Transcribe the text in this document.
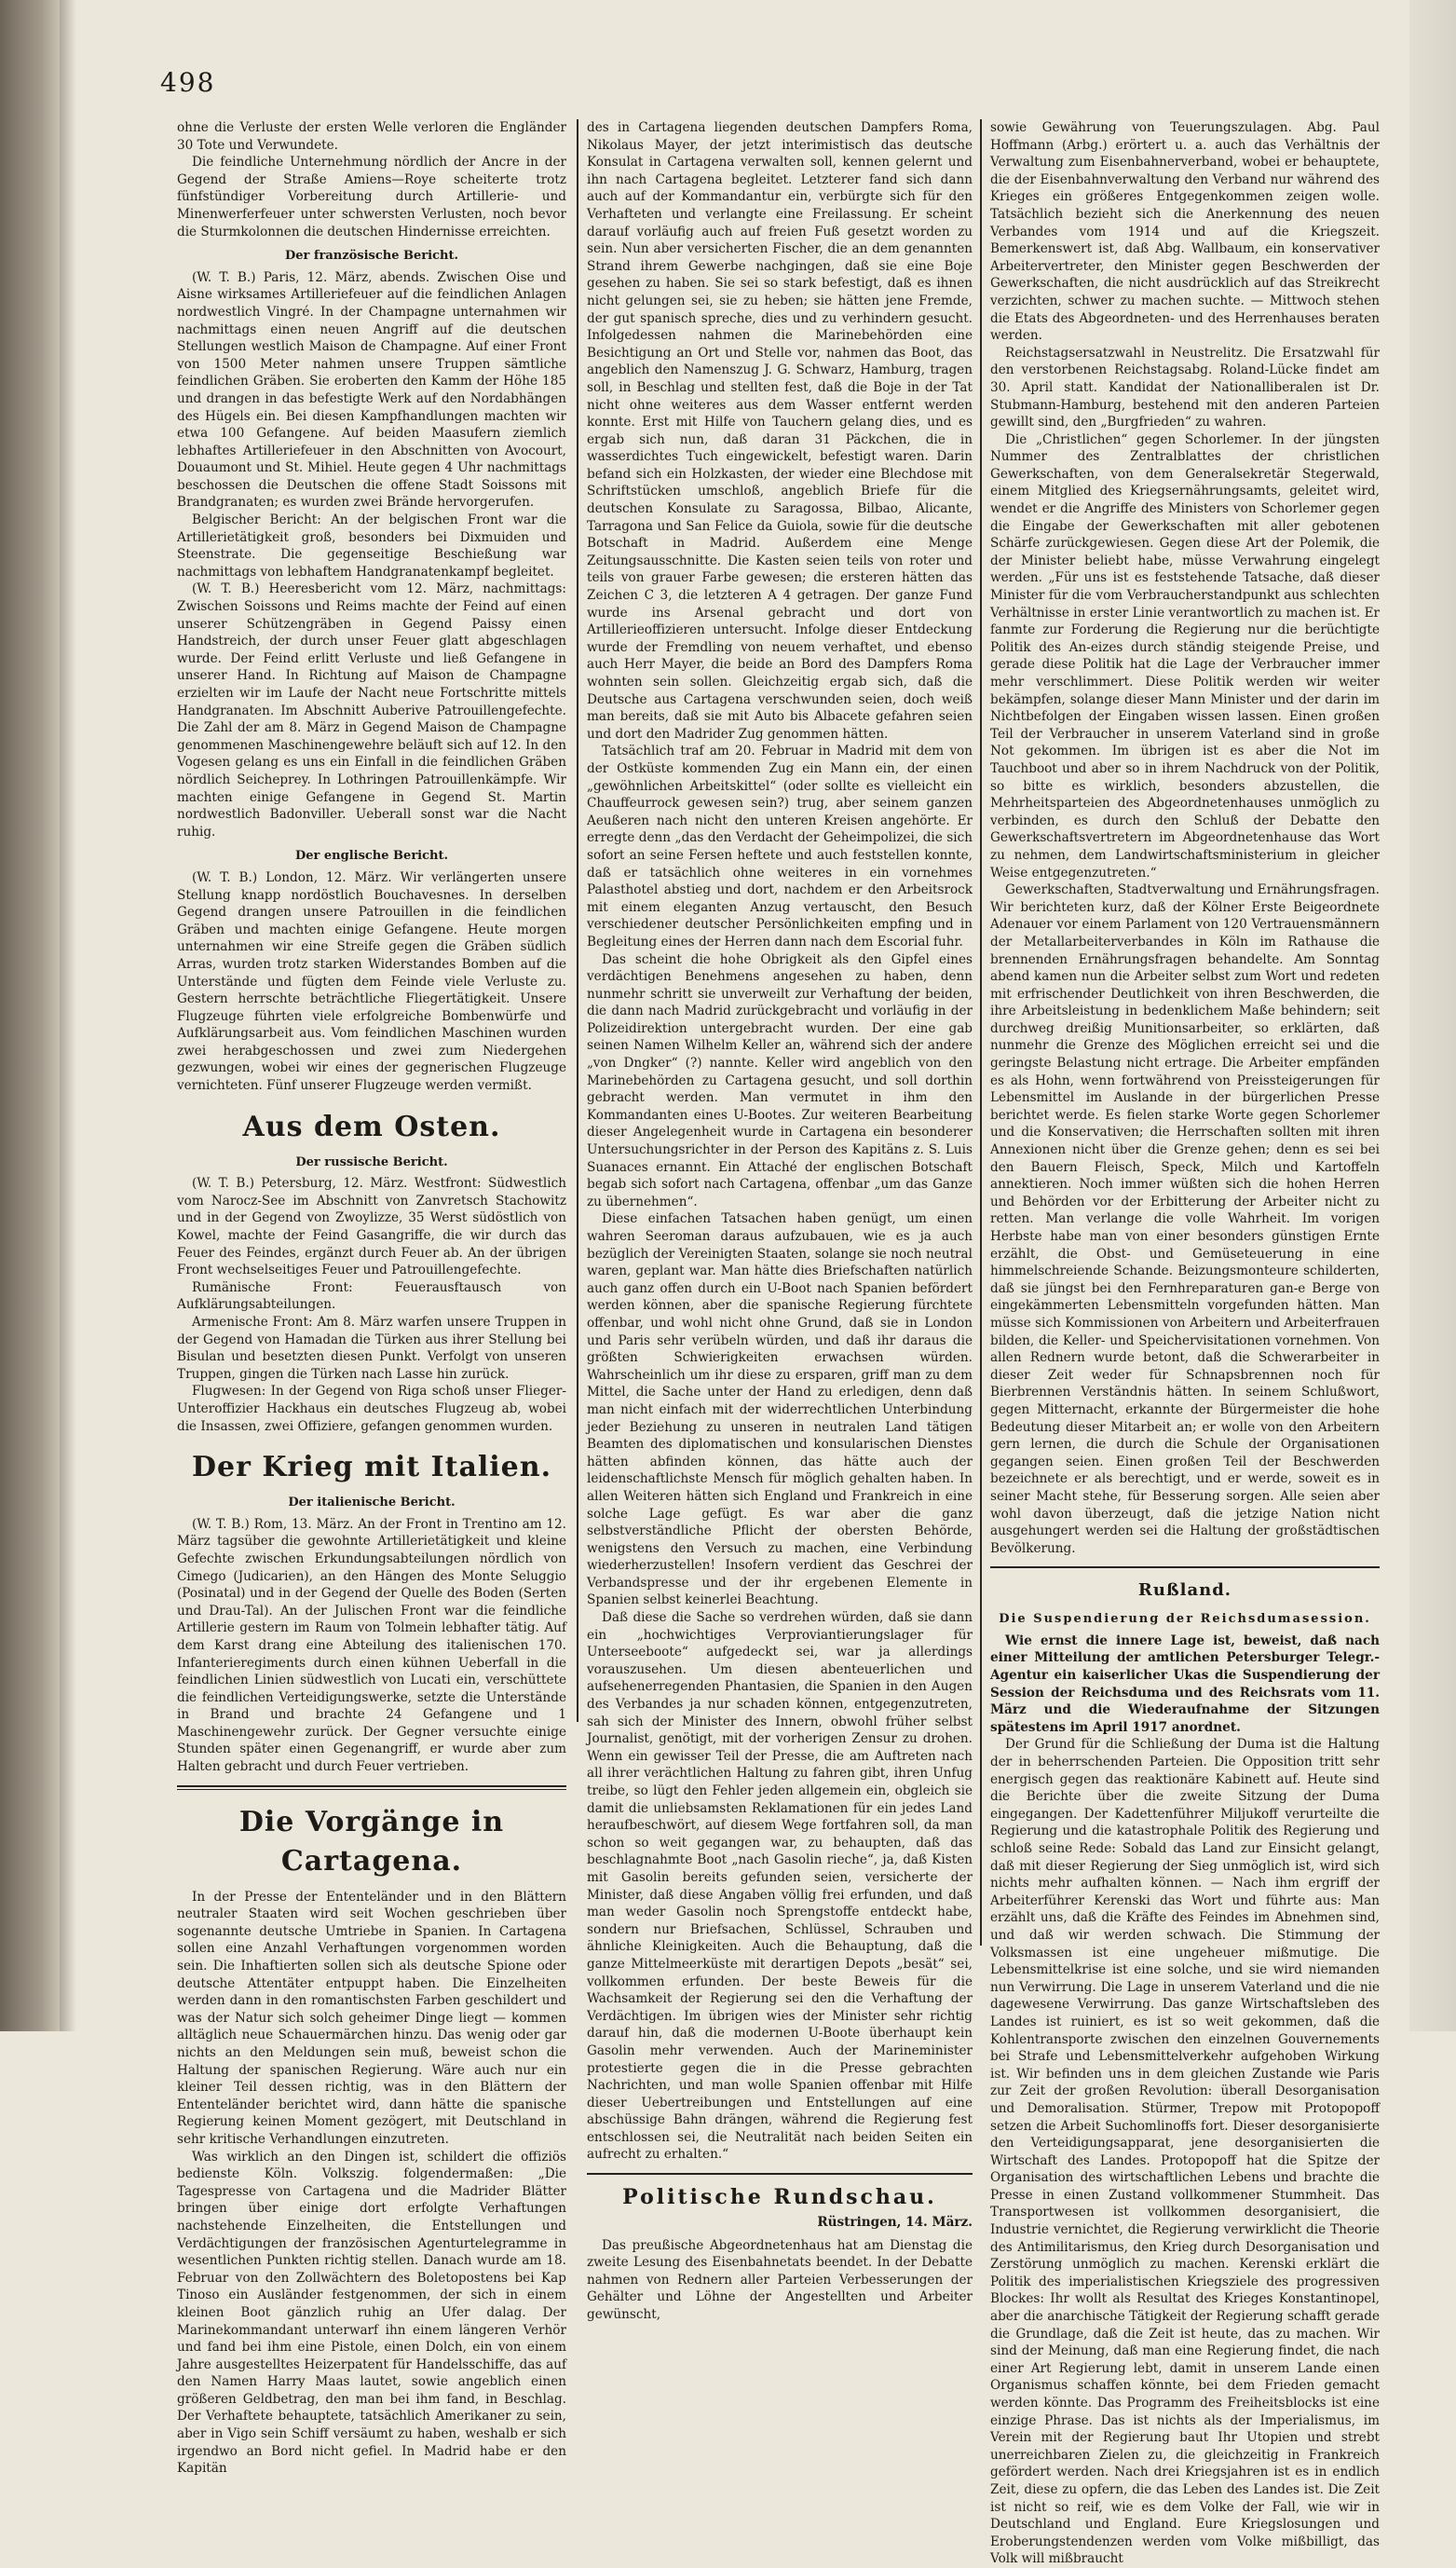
498

ohne die Verluste der ersten Welle verloren die Engländer 30 Tote und Verwundete.

Die feindliche Unternehmung nördlich der Ancre in der Gegend der Straße Amiens—Roye scheiterte trotz fünfstündiger Vorbereitung durch Artillerie- und Minenwerferfeuer unter schwersten Verlusten, noch bevor die Sturmkolonnen die deutschen Hindernisse erreichten.

Der französische Bericht.

(W. T. B.) Paris, 12. März, abends. Zwischen Oise und Aisne wirksames Artilleriefeuer auf die feindlichen Anlagen nordwestlich Vingré. In der Champagne unternahmen wir nachmittags einen neuen Angriff auf die deutschen Stellungen westlich Maison de Champagne. Auf einer Front von 1500 Meter nahmen unsere Truppen sämtliche feindlichen Gräben. Sie eroberten den Kamm der Höhe 185 und drangen in das befestigte Werk auf den Nordabhängen des Hügels ein. Bei diesen Kampfhandlungen machten wir etwa 100 Gefangene. Auf beiden Maasufern ziemlich lebhaftes Artilleriefeuer in den Abschnitten von Avocourt, Douaumont und St. Mihiel. Heute gegen 4 Uhr nachmittags beschossen die Deutschen die offene Stadt Soissons mit Brandgranaten; es wurden zwei Brände hervorgerufen.

Belgischer Bericht: An der belgischen Front war die Artillerietätigkeit groß, besonders bei Dixmuiden und Steenstrate. Die gegenseitige Beschießung war nachmittags von lebhaftem Handgranatenkampf begleitet.

(W. T. B.) Heeresbericht vom 12. März, nachmittags: Zwischen Soissons und Reims machte der Feind auf einen unserer Schützengräben in Gegend Paissy einen Handstreich, der durch unser Feuer glatt abgeschlagen wurde. Der Feind erlitt Verluste und ließ Gefangene in unserer Hand. In Richtung auf Maison de Champagne erzielten wir im Laufe der Nacht neue Fortschritte mittels Handgranaten. Im Abschnitt Auberive Patrouillengefechte. Die Zahl der am 8. März in Gegend Maison de Champagne genommenen Maschinengewehre beläuft sich auf 12. In den Vogesen gelang es uns ein Einfall in die feindlichen Gräben nördlich Seicheprey. In Lothringen Patrouillenkämpfe. Wir machten einige Gefangene in Gegend St. Martin nordwestlich Badonviller. Ueberall sonst war die Nacht ruhig.

Der englische Bericht.

(W. T. B.) London, 12. März. Wir verlängerten unsere Stellung knapp nordöstlich Bouchavesnes. In derselben Gegend drangen unsere Patrouillen in die feindlichen Gräben und machten einige Gefangene. Heute morgen unternahmen wir eine Streife gegen die Gräben südlich Arras, wurden trotz starken Widerstandes Bomben auf die Unterstände und fügten dem Feinde viele Verluste zu. Gestern herrschte beträchtliche Fliegertätigkeit. Unsere Flugzeuge führten viele erfolgreiche Bombenwürfe und Aufklärungsarbeit aus. Vom feindlichen Maschinen wurden zwei herabgeschossen und zwei zum Niedergehen gezwungen, wobei wir eines der gegnerischen Flugzeuge vernichteten. Fünf unserer Flugzeuge werden vermißt.

Aus dem Osten.

Der russische Bericht.

(W. T. B.) Petersburg, 12. März. Westfront: Südwestlich vom Narocz-See im Abschnitt von Zanvretsch Stachowitz und in der Gegend von Zwoylizze, 35 Werst südöstlich von Kowel, machte der Feind Gasangriffe, die wir durch das Feuer des Feindes, ergänzt durch Feuer ab. An der übrigen Front wechselseitiges Feuer und Patrouillengefechte.

Rumänische Front: Feuerausftausch von Aufklärungsabteilungen.

Armenische Front: Am 8. März warfen unsere Truppen in der Gegend von Hamadan die Türken aus ihrer Stellung bei Bisulan und besetzten diesen Punkt. Verfolgt von unseren Truppen, gingen die Türken nach Lasse hin zurück.

Flugwesen: In der Gegend von Riga schoß unser Flieger-Unteroffizier Hackhaus ein deutsches Flugzeug ab, wobei die Insassen, zwei Offiziere, gefangen genommen wurden.

Der Krieg mit Italien.

Der italienische Bericht.

(W. T. B.) Rom, 13. März. An der Front in Trentino am 12. März tagsüber die gewohnte Artillerietätigkeit und kleine Gefechte zwischen Erkundungsabteilungen nördlich von Cimego (Judicarien), an den Hängen des Monte Seluggio (Posinatal) und in der Gegend der Quelle des Boden (Serten und Drau-Tal). An der Julischen Front war die feindliche Artillerie gestern im Raum von Tolmein lebhafter tätig. Auf dem Karst drang eine Abteilung des italienischen 170. Infanterieregiments durch einen kühnen Ueberfall in die feindlichen Linien südwestlich von Lucati ein, verschüttete die feindlichen Verteidigungswerke, setzte die Unterstände in Brand und brachte 24 Gefangene und 1 Maschinengewehr zurück. Der Gegner versuchte einige Stunden später einen Gegenangriff, er wurde aber zum Halten gebracht und durch Feuer vertrieben.

Die Vorgänge in Cartagena.

In der Presse der Ententeländer und in den Blättern neutraler Staaten wird seit Wochen geschrieben über sogenannte deutsche Umtriebe in Spanien. In Cartagena sollen eine Anzahl Verhaftungen vorgenommen worden sein. Die Inhaftierten sollen sich als deutsche Spione oder deutsche Attentäter entpuppt haben. Die Einzelheiten werden dann in den romantischsten Farben geschildert und was der Natur sich solch geheimer Dinge liegt — kommen alltäglich neue Schauermärchen hinzu. Das wenig oder gar nichts an den Meldungen sein muß, beweist schon die Haltung der spanischen Regierung. Wäre auch nur ein kleiner Teil dessen richtig, was in den Blättern der Ententeländer berichtet wird, dann hätte die spanische Regierung keinen Moment gezögert, mit Deutschland in sehr kritische Verhandlungen einzutreten.

Was wirklich an den Dingen ist, schildert die offiziös bedienste Köln. Volkszig. folgendermaßen: „Die Tagespresse von Cartagena und die Madrider Blätter bringen über einige dort erfolgte Verhaftungen nachstehende Einzelheiten, die Entstellungen und Verdächtigungen der französischen Agenturtelegramme in wesentlichen Punkten richtig stellen. Danach wurde am 18. Februar von den Zollwächtern des Boletopostens bei Kap Tinoso ein Ausländer festgenommen, der sich in einem kleinen Boot gänzlich ruhig an Ufer dalag. Der Marinekommandant unterwarf ihn einem längeren Verhör und fand bei ihm eine Pistole, einen Dolch, ein von einem Jahre ausgestelltes Heizerpatent für Handelsschiffe, das auf den Namen Harry Maas lautet, sowie angeblich einen größeren Geldbetrag, den man bei ihm fand, in Beschlag. Der Verhaftete behauptete, tatsächlich Amerikaner zu sein, aber in Vigo sein Schiff versäumt zu haben, weshalb er sich irgendwo an Bord nicht gefiel. In Madrid habe er den Kapitän

des in Cartagena liegenden deutschen Dampfers Roma, Nikolaus Mayer, der jetzt interimistisch das deutsche Konsulat in Cartagena verwalten soll, kennen gelernt und ihn nach Cartagena begleitet. Letzterer fand sich dann auch auf der Kommandantur ein, verbürgte sich für den Verhafteten und verlangte eine Freilassung. Er scheint darauf vorläufig auch auf freien Fuß gesetzt worden zu sein. Nun aber versicherten Fischer, die an dem genannten Strand ihrem Gewerbe nachgingen, daß sie eine Boje gesehen zu haben. Sie sei so stark befestigt, daß es ihnen nicht gelungen sei, sie zu heben; sie hätten jene Fremde, der gut spanisch spreche, dies und zu verhindern gesucht. Infolgedessen nahmen die Marinebehörden eine Besichtigung an Ort und Stelle vor, nahmen das Boot, das angeblich den Namenszug J. G. Schwarz, Hamburg, tragen soll, in Beschlag und stellten fest, daß die Boje in der Tat nicht ohne weiteres aus dem Wasser entfernt werden konnte. Erst mit Hilfe von Tauchern gelang dies, und es ergab sich nun, daß daran 31 Päckchen, die in wasserdichtes Tuch eingewickelt, befestigt waren. Darin befand sich ein Holzkasten, der wieder eine Blechdose mit Schriftstücken umschloß, angeblich Briefe für die deutschen Konsulate zu Saragossa, Bilbao, Alicante, Tarragona und San Felice da Guiola, sowie für die deutsche Botschaft in Madrid. Außerdem eine Menge Zeitungsausschnitte. Die Kasten seien teils von roter und teils von grauer Farbe gewesen; die ersteren hätten das Zeichen C 3, die letzteren A 4 getragen. Der ganze Fund wurde ins Arsenal gebracht und dort von Artillerieoffizieren untersucht. Infolge dieser Entdeckung wurde der Fremdling von neuem verhaftet, und ebenso auch Herr Mayer, die beide an Bord des Dampfers Roma wohnten sein sollen. Gleichzeitig ergab sich, daß die Deutsche aus Cartagena verschwunden seien, doch weiß man bereits, daß sie mit Auto bis Albacete gefahren seien und dort den Madrider Zug genommen hätten.

Tatsächlich traf am 20. Februar in Madrid mit dem von der Ostküste kommenden Zug ein Mann ein, der einen „gewöhnlichen Arbeitskittel“ (oder sollte es vielleicht ein Chauffeurrock gewesen sein?) trug, aber seinem ganzen Aeußeren nach nicht den unteren Kreisen angehörte. Er erregte denn „das den Verdacht der Geheimpolizei, die sich sofort an seine Fersen heftete und auch feststellen konnte, daß er tatsächlich ohne weiteres in ein vornehmes Palasthotel abstieg und dort, nachdem er den Arbeitsrock mit einem eleganten Anzug vertauscht, den Besuch verschiedener deutscher Persönlichkeiten empfing und in Begleitung eines der Herren dann nach dem Escorial fuhr.

Das scheint die hohe Obrigkeit als den Gipfel eines verdächtigen Benehmens angesehen zu haben, denn nunmehr schritt sie unverweilt zur Verhaftung der beiden, die dann nach Madrid zurückgebracht und vorläufig in der Polizeidirektion untergebracht wurden. Der eine gab seinen Namen Wilhelm Keller an, während sich der andere „von Dngker“ (?) nannte. Keller wird angeblich von den Marinebehörden zu Cartagena gesucht, und soll dorthin gebracht werden. Man vermutet in ihm den Kommandanten eines U-Bootes. Zur weiteren Bearbeitung dieser Angelegenheit wurde in Cartagena ein besonderer Untersuchungsrichter in der Person des Kapitäns z. S. Luis Suanaces ernannt. Ein Attaché der englischen Botschaft begab sich sofort nach Cartagena, offenbar „um das Ganze zu übernehmen“.

Diese einfachen Tatsachen haben genügt, um einen wahren Seeroman daraus aufzubauen, wie es ja auch bezüglich der Vereinigten Staaten, solange sie noch neutral waren, geplant war. Man hätte dies Briefschaften natürlich auch ganz offen durch ein U-Boot nach Spanien befördert werden können, aber die spanische Regierung fürchtete offenbar, und wohl nicht ohne Grund, daß sie in London und Paris sehr verübeln würden, und daß ihr daraus die größten Schwierigkeiten erwachsen würden. Wahrscheinlich um ihr diese zu ersparen, griff man zu dem Mittel, die Sache unter der Hand zu erledigen, denn daß man nicht einfach mit der widerrechtlichen Unterbindung jeder Beziehung zu unseren in neutralen Land tätigen Beamten des diplomatischen und konsularischen Dienstes hätten abfinden können, das hätte auch der leidenschaftlichste Mensch für möglich gehalten haben. In allen Weiteren hätten sich England und Frankreich in eine solche Lage gefügt. Es war aber die ganz selbstverständliche Pflicht der obersten Behörde, wenigstens den Versuch zu machen, eine Verbindung wiederherzustellen! Insofern verdient das Geschrei der Verbandspresse und der ihr ergebenen Elemente in Spanien selbst keinerlei Beachtung.

Daß diese die Sache so verdrehen würden, daß sie dann ein „hochwichtiges Verproviantierungslager für Unterseeboote“ aufgedeckt sei, war ja allerdings vorauszusehen. Um diesen abenteuerlichen und aufsehenerregenden Phantasien, die Spanien in den Augen des Verbandes ja nur schaden können, entgegenzutreten, sah sich der Minister des Innern, obwohl früher selbst Journalist, genötigt, mit der vorherigen Zensur zu drohen. Wenn ein gewisser Teil der Presse, die am Auftreten nach all ihrer verächtlichen Haltung zu fahren gibt, ihren Unfug treibe, so lügt den Fehler jeden allgemein ein, obgleich sie damit die unliebsamsten Reklamationen für ein jedes Land heraufbeschwört, auf diesem Wege fortfahren soll, da man schon so weit gegangen war, zu behaupten, daß das beschlagnahmte Boot „nach Gasolin rieche“, ja, daß Kisten mit Gasolin bereits gefunden seien, versicherte der Minister, daß diese Angaben völlig frei erfunden, und daß man weder Gasolin noch Sprengstoffe entdeckt habe, sondern nur Briefsachen, Schlüssel, Schrauben und ähnliche Kleinigkeiten. Auch die Behauptung, daß die ganze Mittelmeerküste mit derartigen Depots „besät“ sei, vollkommen erfunden. Der beste Beweis für die Wachsamkeit der Regierung sei den die Verhaftung der Verdächtigen. Im übrigen wies der Minister sehr richtig darauf hin, daß die modernen U-Boote überhaupt kein Gasolin mehr verwenden. Auch der Marineminister protestierte gegen die in die Presse gebrachten Nachrichten, und man wolle Spanien offenbar mit Hilfe dieser Uebertreibungen und Entstellungen auf eine abschüssige Bahn drängen, während die Regierung fest entschlossen sei, die Neutralität nach beiden Seiten ein aufrecht zu erhalten.“

Politische Rundschau.

Rüstringen, 14. März.

Das preußische Abgeordnetenhaus hat am Dienstag die zweite Lesung des Eisenbahnetats beendet. In der Debatte nahmen von Rednern aller Parteien Verbesserungen der Gehälter und Löhne der Angestellten und Arbeiter gewünscht,

sowie Gewährung von Teuerungszulagen. Abg. Paul Hoffmann (Arbg.) erörtert u. a. auch das Verhältnis der Verwaltung zum Eisenbahnerverband, wobei er behauptete, die der Eisenbahnverwaltung den Verband nur während des Krieges ein größeres Entgegenkommen zeigen wolle. Tatsächlich bezieht sich die Anerkennung des neuen Verbandes vom 1914 und auf die Kriegszeit. Bemerkenswert ist, daß Abg. Wallbaum, ein konservativer Arbeitervertreter, den Minister gegen Beschwerden der Gewerkschaften, die nicht ausdrücklich auf das Streikrecht verzichten, schwer zu machen suchte. — Mittwoch stehen die Etats des Abgeordneten- und des Herrenhauses beraten werden.

Reichstagsersatzwahl in Neustrelitz. Die Ersatzwahl für den verstorbenen Reichstagsabg. Roland-Lücke findet am 30. April statt. Kandidat der Nationalliberalen ist Dr. Stubmann-Hamburg, bestehend mit den anderen Parteien gewillt sind, den „Burgfrieden“ zu wahren.

Die „Christlichen“ gegen Schorlemer. In der jüngsten Nummer des Zentralblattes der christlichen Gewerkschaften, von dem Generalsekretär Stegerwald, einem Mitglied des Kriegsernährungsamts, geleitet wird, wendet er die Angriffe des Ministers von Schorlemer gegen die Eingabe der Gewerkschaften mit aller gebotenen Schärfe zurückgewiesen. Gegen diese Art der Polemik, die der Minister beliebt habe, müsse Verwahrung eingelegt werden. „Für uns ist es feststehende Tatsache, daß dieser Minister für die vom Verbraucherstandpunkt aus schlechten Verhältnisse in erster Linie verantwortlich zu machen ist. Er fanmte zur Forderung die Regierung nur die berüchtigte Politik des An-eizes durch ständig steigende Preise, und gerade diese Politik hat die Lage der Verbraucher immer mehr verschlimmert. Diese Politik werden wir weiter bekämpfen, solange dieser Mann Minister und der darin im Nichtbefolgen der Eingaben wissen lassen. Einen großen Teil der Verbraucher in unserem Vaterland sind in große Not gekommen. Im übrigen ist es aber die Not im Tauchboot und aber so in ihrem Nachdruck von der Politik, so bitte es wirklich, besonders abzustellen, die Mehrheitsparteien des Abgeordnetenhauses unmöglich zu verbinden, es durch den Schluß der Debatte den Gewerkschaftsvertretern im Abgeordnetenhause das Wort zu nehmen, dem Landwirtschaftsministerium in gleicher Weise entgegenzutreten.“

Gewerkschaften, Stadtverwaltung und Ernährungsfragen. Wir berichteten kurz, daß der Kölner Erste Beigeordnete Adenauer vor einem Parlament von 120 Vertrauensmännern der Metallarbeiterverbandes in Köln im Rathause die brennenden Ernährungsfragen behandelte. Am Sonntag abend kamen nun die Arbeiter selbst zum Wort und redeten mit erfrischender Deutlichkeit von ihren Beschwerden, die ihre Arbeitsleistung in bedenklichem Maße behindern; seit durchweg dreißig Munitionsarbeiter, so erklärten, daß nunmehr die Grenze des Möglichen erreicht sei und die geringste Belastung nicht ertrage. Die Arbeiter empfänden es als Hohn, wenn fortwährend von Preissteigerungen für Lebensmittel im Auslande in der bürgerlichen Presse berichtet werde. Es fielen starke Worte gegen Schorlemer und die Konservativen; die Herrschaften sollten mit ihren Annexionen nicht über die Grenze gehen; denn es sei bei den Bauern Fleisch, Speck, Milch und Kartoffeln annektieren. Noch immer wüßten sich die hohen Herren und Behörden vor der Erbitterung der Arbeiter nicht zu retten. Man verlange die volle Wahrheit. Im vorigen Herbste habe man von einer besonders günstigen Ernte erzählt, die Obst- und Gemüseteuerung in eine himmelschreiende Schande. Beizungsmonteure schilderten, daß sie jüngst bei den Fernhreparaturen gan-e Berge von eingekämmerten Lebensmitteln vorgefunden hätten. Man müsse sich Kommissionen von Arbeitern und Arbeiterfrauen bilden, die Keller- und Speichervisitationen vornehmen. Von allen Rednern wurde betont, daß die Schwerarbeiter in dieser Zeit weder für Schnapsbrennen noch für Bierbrennen Verständnis hätten. In seinem Schlußwort, gegen Mitternacht, erkannte der Bürgermeister die hohe Bedeutung dieser Mitarbeit an; er wolle von den Arbeitern gern lernen, die durch die Schule der Organisationen gegangen seien. Einen großen Teil der Beschwerden bezeichnete er als berechtigt, und er werde, soweit es in seiner Macht stehe, für Besserung sorgen. Alle seien aber wohl davon überzeugt, daß die jetzige Nation nicht ausgehungert werden sei die Haltung der großstädtischen Bevölkerung.

Rußland.

Die Suspendierung der Reichsdumasession.

Wie ernst die innere Lage ist, beweist, daß nach einer Mitteilung der amtlichen Petersburger Telegr.-Agentur ein kaiserlicher Ukas die Suspendierung der Session der Reichsduma und des Reichsrats vom 11. März und die Wiederaufnahme der Sitzungen spätestens im April 1917 anordnet.

Der Grund für die Schließung der Duma ist die Haltung der in beherrschenden Parteien. Die Opposition tritt sehr energisch gegen das reaktionäre Kabinett auf. Heute sind die Berichte über die zweite Sitzung der Duma eingegangen. Der Kadettenführer Miljukoff verurteilte die Regierung und die katastrophale Politik des Regierung und schloß seine Rede: Sobald das Land zur Einsicht gelangt, daß mit dieser Regierung der Sieg unmöglich ist, wird sich nichts mehr aufhalten können. — Nach ihm ergriff der Arbeiterführer Kerenski das Wort und führte aus: Man erzählt uns, daß die Kräfte des Feindes im Abnehmen sind, und daß wir werden schwach. Die Stimmung der Volksmassen ist eine ungeheuer mißmutige. Die Lebensmittelkrise ist eine solche, und sie wird niemanden nun Verwirrung. Die Lage in unserem Vaterland und die nie dagewesene Verwirrung. Das ganze Wirtschaftsleben des Landes ist ruiniert, es ist so weit gekommen, daß die Kohlentransporte zwischen den einzelnen Gouvernements bei Strafe und Lebensmittelverkehr aufgehoben Wirkung ist. Wir befinden uns in dem gleichen Zustande wie Paris zur Zeit der großen Revolution: überall Desorganisation und Demoralisation. Stürmer, Trepow mit Protopopoff setzen die Arbeit Suchomlinoffs fort. Dieser desorganisierte den Verteidigungsapparat, jene desorganisierten die Wirtschaft des Landes. Protopopoff hat die Spitze der Organisation des wirtschaftlichen Lebens und brachte die Presse in einen Zustand vollkommener Stummheit. Das Transportwesen ist vollkommen desorganisiert, die Industrie vernichtet, die Regierung verwirklicht die Theorie des Antimilitarismus, den Krieg durch Desorganisation und Zerstörung unmöglich zu machen. Kerenski erklärt die Politik des imperialistischen Kriegsziele des progressiven Blockes: Ihr wollt als Resultat des Krieges Konstantinopel, aber die anarchische Tätigkeit der Regierung schafft gerade die Grundlage, daß die Zeit ist heute, das zu machen. Wir sind der Meinung, daß man eine Regierung findet, die nach einer Art Regierung lebt, damit in unserem Lande einen Organismus schaffen könnte, bei dem Frieden gemacht werden könnte. Das Programm des Freiheitsblocks ist eine einzige Phrase. Das ist nichts als der Imperialismus, im Verein mit der Regierung baut Ihr Utopien und strebt unerreichbaren Zielen zu, die gleichzeitig in Frankreich gefördert werden. Nach drei Kriegsjahren ist es in endlich Zeit, diese zu opfern, die das Leben des Landes ist. Die Zeit ist nicht so reif, wie es dem Volke der Fall, wie wir in Deutschland und England. Eure Kriegslosungen und Eroberungstendenzen werden vom Volke mißbilligt, das Volk will mißbraucht
